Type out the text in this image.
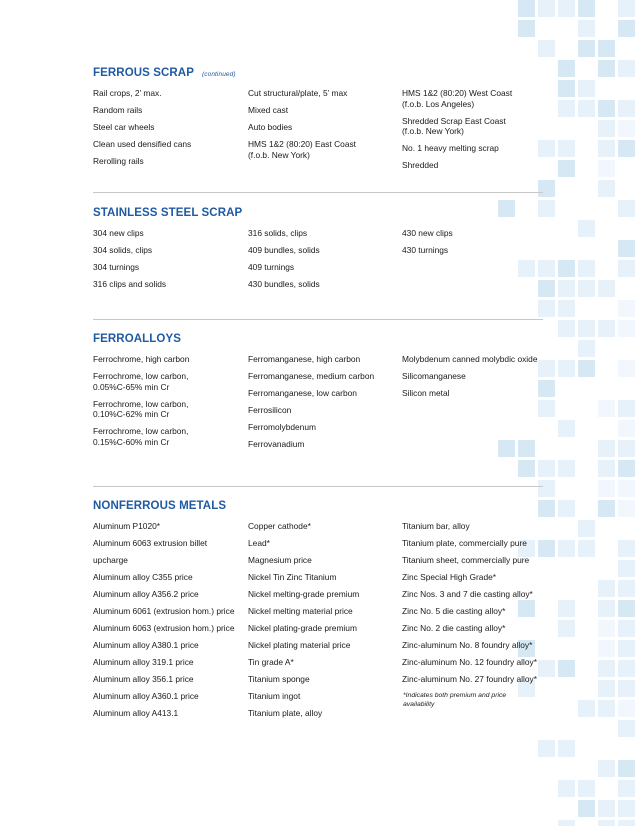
FERROUS SCRAP (continued)
Rail crops, 2’ max.
Random rails
Steel car wheels
Clean used densified cans
Rerolling rails
Cut structural/plate, 5’ max
Mixed cast
Auto bodies
HMS 1&2 (80:20) East Coast
(f.o.b. New York)
HMS 1&2 (80:20) West Coast
(f.o.b. Los Angeles)
Shredded Scrap East Coast
(f.o.b. New York)
No. 1 heavy melting scrap
Shredded
STAINLESS STEEL SCRAP
304 new clips
304 solids, clips
304 turnings
316 clips and solids
316 solids, clips
409 bundles, solids
409 turnings
430 bundles, solids
430 new clips
430 turnings
FERROALLOYS
Ferrochrome, high carbon
Ferrochrome, low carbon,
0.05%C-65% min Cr
Ferrochrome, low carbon,
0.10%C-62% min Cr
Ferrochrome, low carbon,
0.15%C-60% min Cr
Ferromanganese, high carbon
Ferromanganese, medium carbon
Ferromanganese, low carbon
Ferrosilicon
Ferromolybdenum
Ferrovanadium
Molybdenum canned molybdic oxide
Silicomanganese
Silicon metal
NONFERROUS METALS
Aluminum P1020*
Aluminum 6063 extrusion billet
upcharge
Aluminum alloy C355 price
Aluminum alloy A356.2 price
Aluminum 6061 (extrusion hom.) price
Aluminum 6063 (extrusion hom.) price
Aluminum alloy A380.1 price
Aluminum alloy 319.1 price
Aluminum alloy 356.1 price
Aluminum alloy A360.1 price
Aluminum alloy A413.1
Copper cathode*
Lead*
Magnesium price
Nickel Tin Zinc Titanium
Nickel melting-grade premium
Nickel melting material price
Nickel plating-grade premium
Nickel plating material price
Tin grade A*
Titanium sponge
Titanium ingot
Titanium plate, alloy
Titanium bar, alloy
Titanium plate, commercially pure
Titanium sheet, commercially pure
Zinc Special High Grade*
Zinc Nos. 3 and 7 die casting alloy*
Zinc No. 5 die casting alloy*
Zinc No. 2 die casting alloy*
Zinc-aluminum No. 8 foundry alloy*
Zinc-aluminum No. 12 foundry alloy*
Zinc-aluminum No. 27 foundry alloy*
*Indicates both premium and price
availability
